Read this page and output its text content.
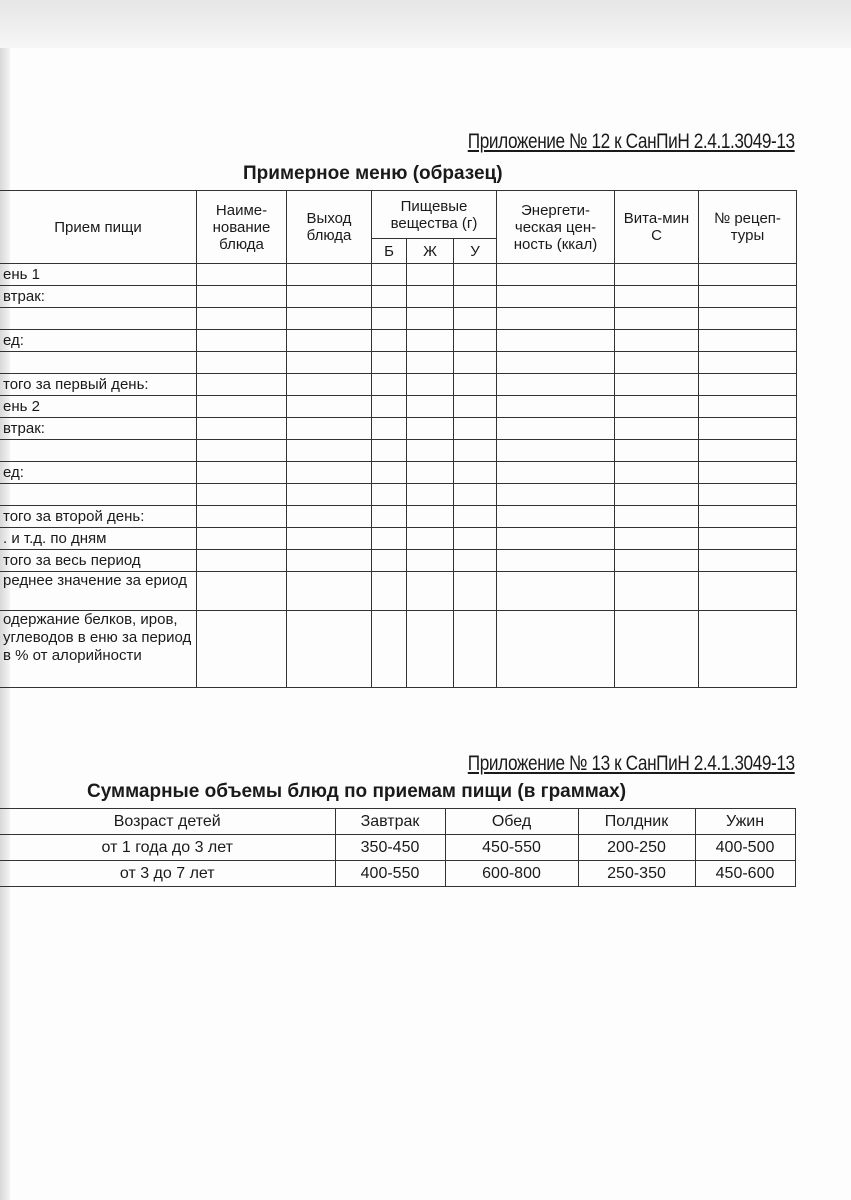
Приложение № 12 к СанПиН 2.4.1.3049-13
Примерное меню (образец)
Прием пищи	Наиме-нование блюда	Выход блюда	Пищевые вещества (г)			Энергети-ческая цен-ность (ккал)	Вита-мин С	№ рецеп-туры
			Б	Ж	У			
ень 1								
втрак:								

ед:								

того за первый день:								
ень 2								
втрак:								

ед:								

того за второй день:								
. и т.д. по дням								
того за весь период								
реднее значение за ериод								
одержание белков, иров, углеводов в еню за период в % от алорийности								
Приложение № 13 к СанПиН 2.4.1.3049-13
Суммарные объемы блюд по приемам пищи (в граммах)
Возраст детей	Завтрак	Обед	Полдник	Ужин
от 1 года до 3 лет	350-450	450-550	200-250	400-500
от 3 до 7 лет	400-550	600-800	250-350	450-600
